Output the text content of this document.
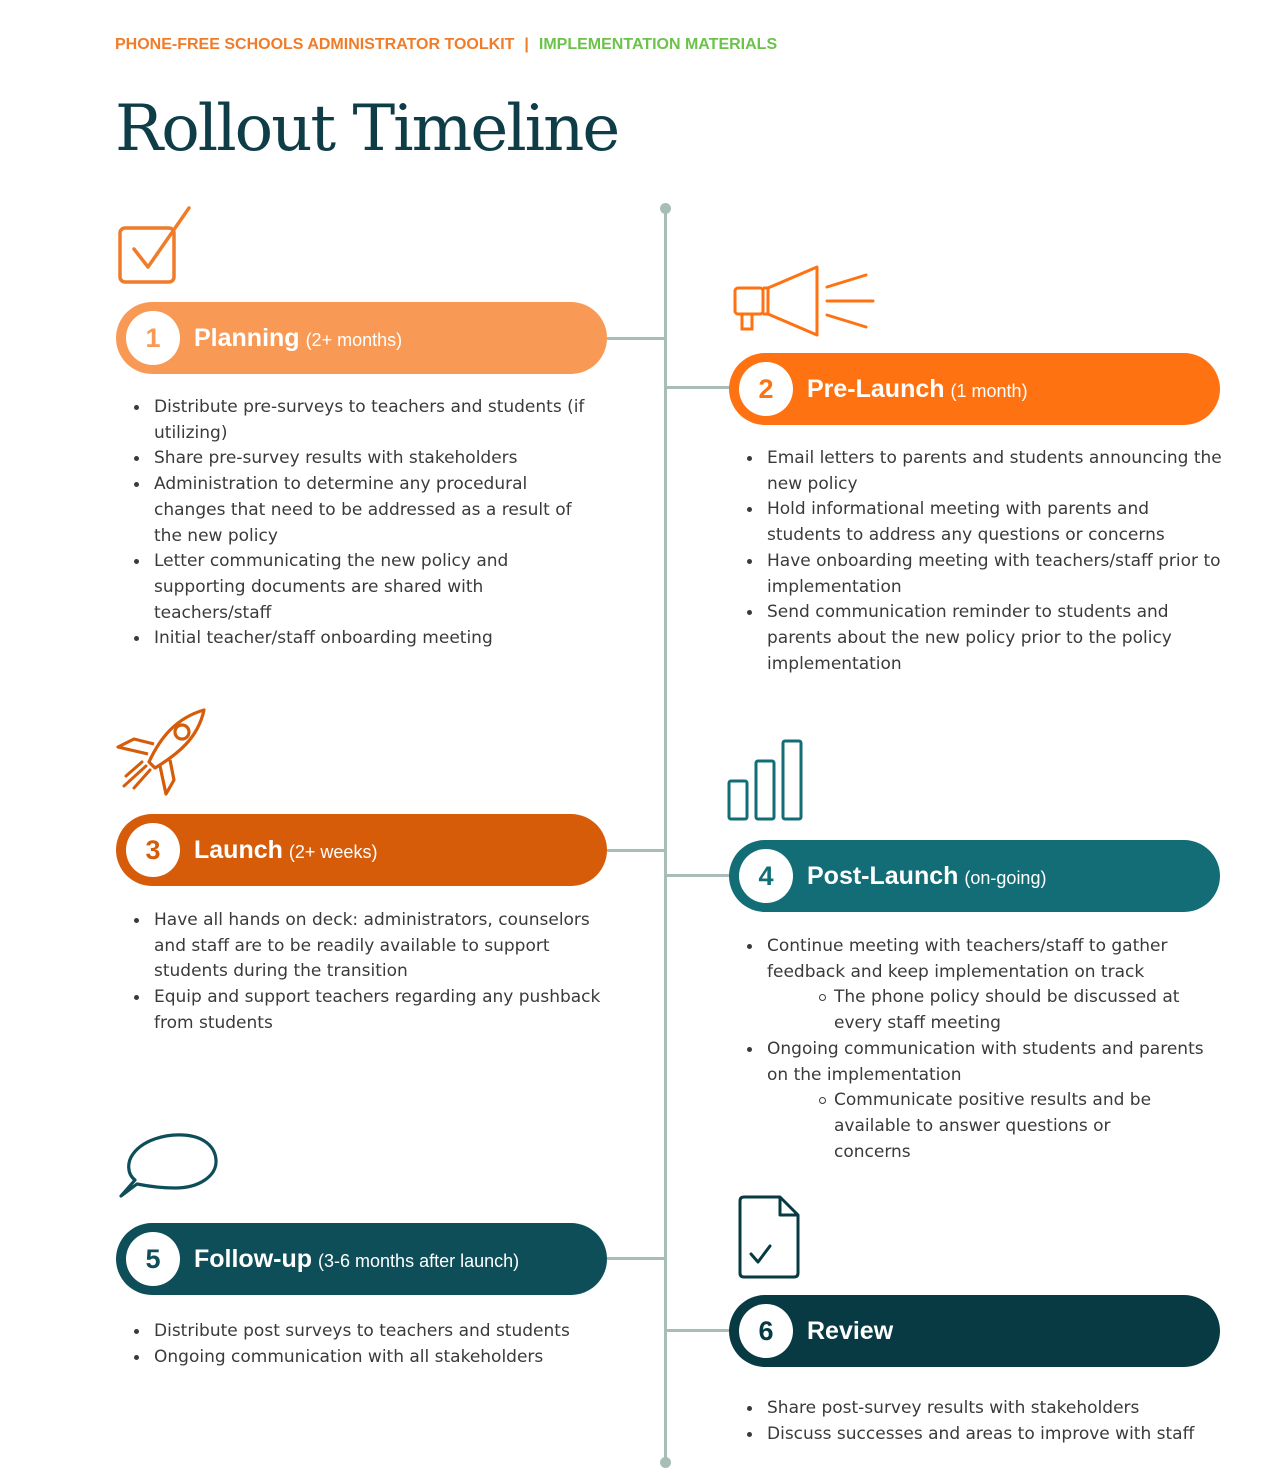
PHONE-FREE SCHOOLS ADMINISTRATOR TOOLKIT | IMPLEMENTATION MATERIALS
Rollout Timeline
1	Planning (2+ months)
Distribute pre-surveys to teachers and students (if utilizing)
Share pre-survey results with stakeholders
Administration to determine any procedural changes that need to be addressed as a result of the new policy
Letter communicating the new policy and supporting documents are shared with teachers/staff
Initial teacher/staff onboarding meeting
2	Pre-Launch (1 month)
Email letters to parents and students announcing the new policy
Hold informational meeting with parents and students to address any questions or concerns
Have onboarding meeting with teachers/staff prior to implementation
Send communication reminder to students and parents about the new policy prior to the policy implementation
3	Launch (2+ weeks)
Have all hands on deck: administrators, counselors and staff are to be readily available to support students during the transition
Equip and support teachers regarding any pushback from students
4	Post-Launch (on-going)
Continue meeting with teachers/staff to gather feedback and keep implementation on track
The phone policy should be discussed at every staff meeting
Ongoing communication with students and parents on the implementation
Communicate positive results and be available to answer questions or concerns
5	Follow-up (3-6 months after launch)
Distribute post surveys to teachers and students
Ongoing communication with all stakeholders
6	Review
Share post-survey results with stakeholders
Discuss successes and areas to improve with staff
